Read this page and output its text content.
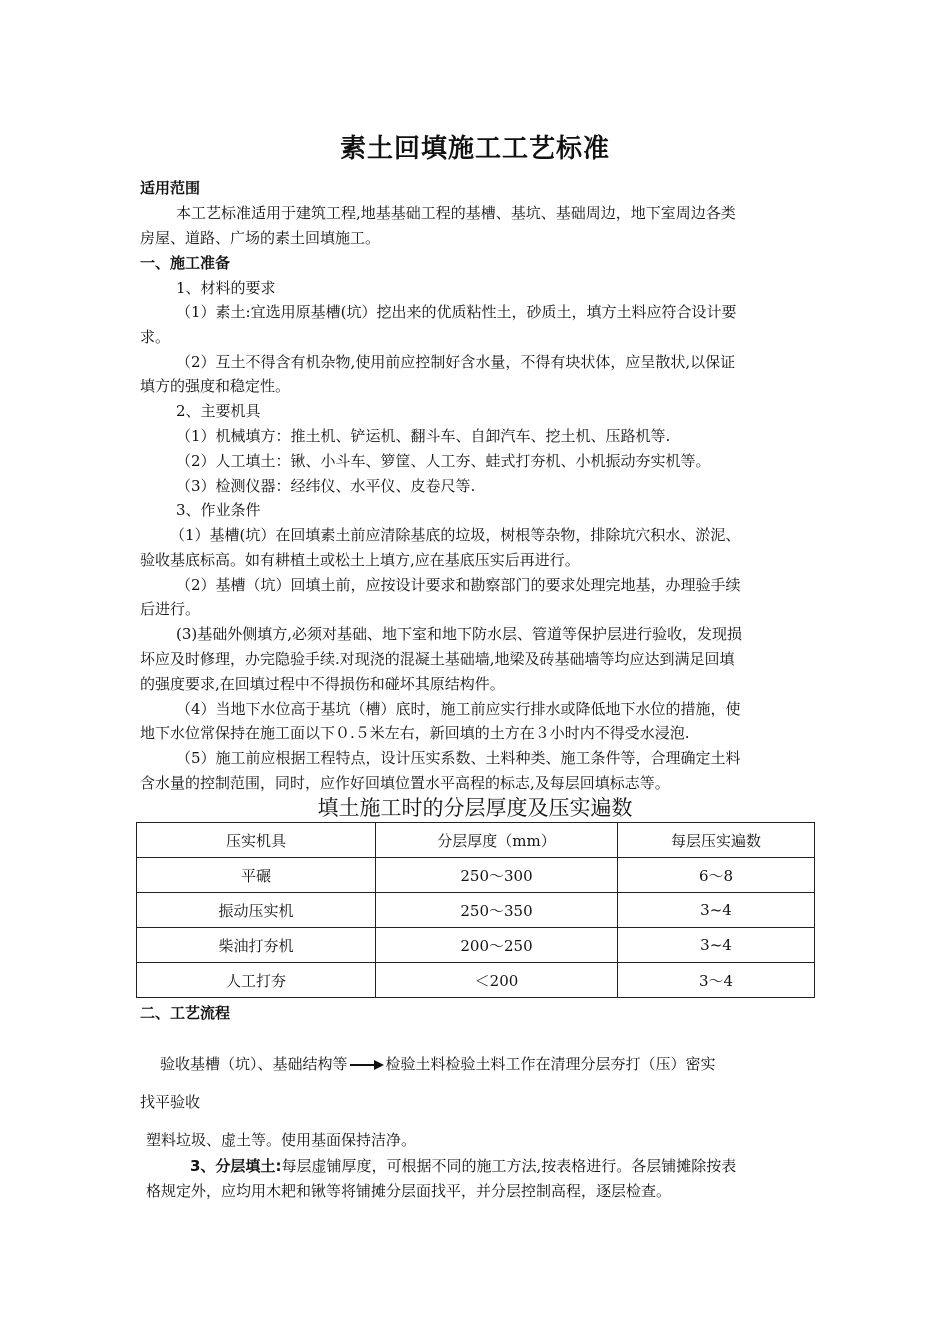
素土回填施工工艺标准
适用范围
本工艺标准适用于建筑工程,地基基础工程的基槽、基坑、基础周边，地下室周边各类
房屋、道路、广场的素土回填施工。
一、施工准备
1、材料的要求
（1）素土:宜选用原基槽(坑）挖出来的优质粘性土，砂质土，填方土料应符合设计要
求。
（2）互土不得含有机杂物,使用前应控制好含水量，不得有块状体，应呈散状,以保证
填方的强度和稳定性。
2、主要机具
（1）机械填方：推土机、铲运机、翻斗车、自卸汽车、挖土机、压路机等.
（2）人工填土：锹、小斗车、箩筐、人工夯、蛙式打夯机、小机振动夯实机等。
（3）检测仪器：经纬仪、水平仪、皮卷尺等.
3、作业条件
（1）基槽(坑）在回填素土前应清除基底的垃圾，树根等杂物，排除坑穴积水、淤泥、
验收基底标高。如有耕植土或松土上填方,应在基底压实后再进行。
（2）基槽（坑）回填土前，应按设计要求和勘察部门的要求处理完地基，办理验手续
后进行。
(3)基础外侧填方,必须对基础、地下室和地下防水层、管道等保护层进行验收，发现损
坏应及时修理，办完隐验手续.对现浇的混凝土基础墙,地梁及砖基础墙等均应达到满足回填
的强度要求,在回填过程中不得损伤和碰坏其原结构件。
（4）当地下水位高于基坑（槽）底时，施工前应实行排水或降低地下水位的措施，使
地下水位常保持在施工面以下０.５米左右，新回填的土方在３小时内不得受水浸泡.
（5）施工前应根据工程特点，设计压实系数、土料种类、施工条件等，合理确定土料
含水量的控制范围，同时，应作好回填位置水平高程的标志,及每层回填标志等。
填土施工时的分层厚度及压实遍数
压实机具	分层厚度（mm）	每层压实遍数
平碾	250～300	6～8
振动压实机	250～350	3~4
柴油打夯机	200～250	3~4
人工打夯	＜200	3～4
二、工艺流程
验收基槽（坑）、基础结构等	检验土料检验土料工作在清理分层夯打（压）密实
找平验收
塑料垃圾、虚土等。使用基面保持洁净。
3、分层填土:每层虚铺厚度，可根据不同的施工方法,按表格进行。各层铺摊除按表
格规定外，应均用木耙和锹等将铺摊分层面找平，并分层控制高程，逐层检查。
